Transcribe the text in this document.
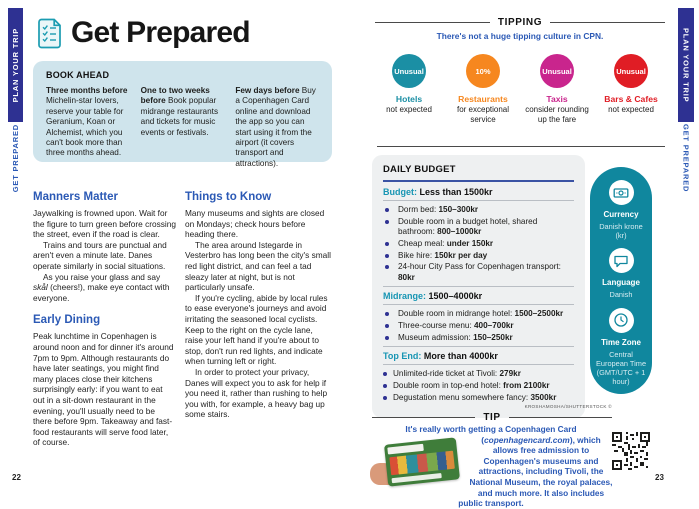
PLAN YOUR TRIP
GET PREPARED
Get Prepared
BOOK AHEAD
Three months before Michelin-star lovers, reserve your table for Geranium, Koan or Alchemist, which you can't book more than three months ahead.
One to two weeks before Book popular midrange restaurants and tickets for music events or festivals.
Few days before Buy a Copenhagen Card online and download the app so you can start using it from the airport (it covers transport and attractions).
Manners Matter

Jaywalking is frowned upon. Wait for the figure to turn green before crossing the street, even if the road is clear.

Trains and tours are punctual and aren't even a minute late. Danes operate similarly in social situations.

As you raise your glass and say skål (cheers!), make eye contact with everyone.

Early Dining

Peak lunchtime in Copenhagen is around noon and for dinner it's around 7pm to 9pm. Although restaurants do have later seatings, you might find many places close their kitchens surprisingly early: if you want to eat out in a sit-down restaurant in the evening, you'll usually need to be there before 9pm. Takeaway and fast-food restaurants will serve food later, of course.

Things to Know

Many museums and sights are closed on Mondays; check hours before heading there.

The area around Istegarde in Vesterbro has long been the city's small red light district, and can feel a tad sleazy later at night, but is not particularly unsafe.

If you're cycling, abide by local rules to ease everyone's journeys and avoid irritating the seasoned local cyclists. Keep to the right on the cycle lane, raise your left hand if you're about to stop, don't run red lights, and indicate when turning left or right.

In order to protect your privacy, Danes will expect you to ask for help if you need it, rather than rushing to help you with, for example, a heavy bag up some stairs.

22
TIPPING
There's not a huge tipping culture in CPN.
Unusual
Hotels
not expected
10%
Restaurants
for exceptional service
Unusual
Taxis
consider rounding up the fare
Unusual
Bars & Cafes
not expected
DAILY BUDGET
Budget: Less than 1500kr
Dorm bed: 150–300kr
Double room in a budget hotel, shared bathroom: 800–1000kr
Cheap meal: under 150kr
Bike hire: 150kr per day
24-hour City Pass for Copenhagen transport: 80kr
Midrange: 1500–4000kr
Double room in midrange hotel: 1500–2500kr
Three-course menu: 400–700kr
Museum admission: 150–250kr
Top End: More than 4000kr
Unlimited-ride ticket at Tivoli: 279kr
Double room in top-end hotel: from 2100kr
Degustation menu somewhere fancy: 3500kr
Currency
Danish krone (kr)
Language
Danish
Time Zone
Central European Time (GMT/UTC + 1 hour)
KROSHAMOSHA/SHUTTERSTOCK ©
TIP
It's really worth getting a Copenhagen Card (copenhagencard.com
), which allows free admission to Copenhagen's museums and attractions, including Tivoli, the National Museum, the royal palaces, and much more. It also includes public transport.
23
PLAN YOUR TRIP
GET PREPARED
